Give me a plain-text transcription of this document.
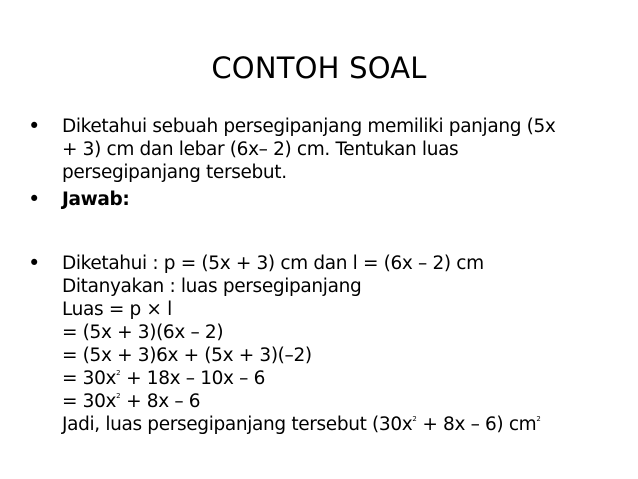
CONTOH SOAL
• Diketahui sebuah persegipanjang memiliki panjang (5x
+ 3) cm dan lebar (6x– 2) cm. Tentukan luas
persegipanjang tersebut.
• Jawab:
• Diketahui : p = (5x + 3) cm dan l = (6x – 2) cm
Ditanyakan : luas persegipanjang
Luas = p × l
= (5x + 3)(6x – 2)
= (5x + 3)6x + (5x + 3)(–2)
= $30x^2 + 18x - 10x - 6$
= $30x^2 + 8x - 6$
Jadi, luas persegipanjang tersebut $(30x^2 + 8x - 6)$ $cm^2$
